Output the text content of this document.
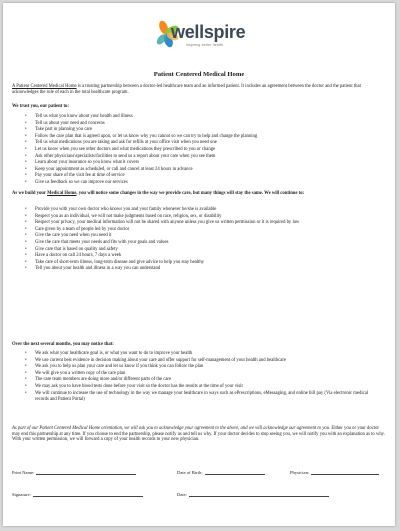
wellspire
inspiring better health
Patient Centered Medical Home

A Patient Centered Medical Home is a trusting partnership between a doctor-led healthcare team and an informed patient. It includes an agreement between the doctor and the patient that acknowledges the role of each in the total healthcare program.

We trust you, our patient to:
• Tell us what you know about your health and illness
• Tell us about your need and concerns
• Take part in planning you care
• Follow the care plan that is agreed upon, or let us know why you cannot so we can try to help and change the planning
• Tell us what medications you are taking and ask for refills at your office visit when you need one
• Let us know when you see other doctors and what medications they prescribed to you or change
• Ask other physicians\specialists\facilities to send us a report about your care when you see them
• Learn about your insurance so you know what it covers
• Keep your appointment as scheduled, or call and cancel at least 24 hours in advance
• Pay your share of the visit fee at time of service
• Give us feedback so we can improve our services
As we build your Medical Home, you will notice some changes in the way we provide care, but many things will stay the same. We will continue to:
• Provide you with your own doctor who knows you and your family whenever he/she is available
• Respect you as an individual, we will not make judgments based on race, religion, sex, or disability
• Respect your privacy, your medical information will not be shared with anyone unless you give us written permission or it is required by law
• Care given by a team of people led by your doctor
• Give the care you need when you need it
• Give the care that meets your needs and fits with your goals and values
• Give care that is based on quality and safety
• Have a doctor on call 24 hours, 7 days a week
• Take care of short-term illness, long-term disease and give advice to help you stay healthy
• Tell you about your health and illness in a way you can understand
Over the next several months, you may notice that:
• We ask what your healthcare goal is, or what you want to do to improve your health
• We use current best evidence in decision making about your care and offer support for self-management of your health and healthcare
• We ask you to help us plan your care and let us know if you think you can follow the plan
• We will give you a written copy of the care plan
• The care team members are doing more and/or different parts of the care
• We may ask you to have blood tests done before your visit so the doctor has the results at the time of your visit
• We will continue to increase the use of technology in the way we manage your healthcare in ways such as ePrescriptions, eMessaging, and online bill pay (Via electronic medical records and Patient Portal)

As part of our Patient Centered Medical Home orientation, we will ask you to acknowledge your agreement to the above, and we will acknowledge our agreement to you. Either you or your doctor may end this partnership at any time. If you choose to end the partnership, please notify us and tell us why. If your doctor decides to stop seeing you, we will notify you with an explanation as to why. With your written permission, we will forward a copy of your health records to your new physician.

Print Name:	Date of Birth:	Physician:
Signature:	Date:
